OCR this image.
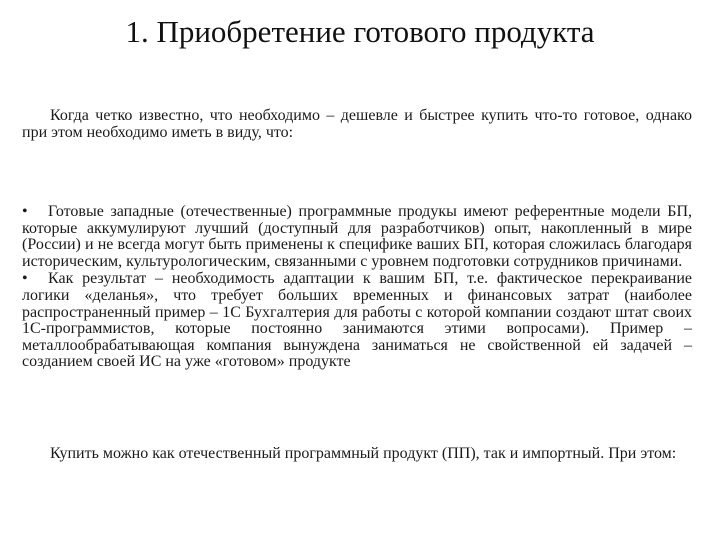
1. Приобретение готового продукта

Когда четко известно, что необходимо – дешевле и быстрее купить что-то готовое, однако при этом необходимо иметь в виду, что:

• Готовые западные (отечественные) программные продукы имеют референтные модели БП, которые аккумулируют лучший (доступный для разработчиков) опыт, накопленный в мире (России) и не всегда могут быть применены к специфике ваших БП, которая сложилась благодаря историческим, культурологическим, связанными с уровнем подготовки сотрудников причинами.
• Как результат – необходимость адаптации к вашим БП, т.е. фактическое перекраивание логики «деланья», что требует больших временных и финансовых затрат (наиболее распространенный пример – 1С Бухгалтерия для работы с которой компании создают штат своих 1С-программистов, которые постоянно занимаются этими вопросами). Пример – металлообрабатывающая компания вынуждена заниматься не свойственной ей задачей – созданием своей ИС на уже «готовом» продукте

Купить можно как отечественный программный продукт (ПП), так и импортный. При этом:
